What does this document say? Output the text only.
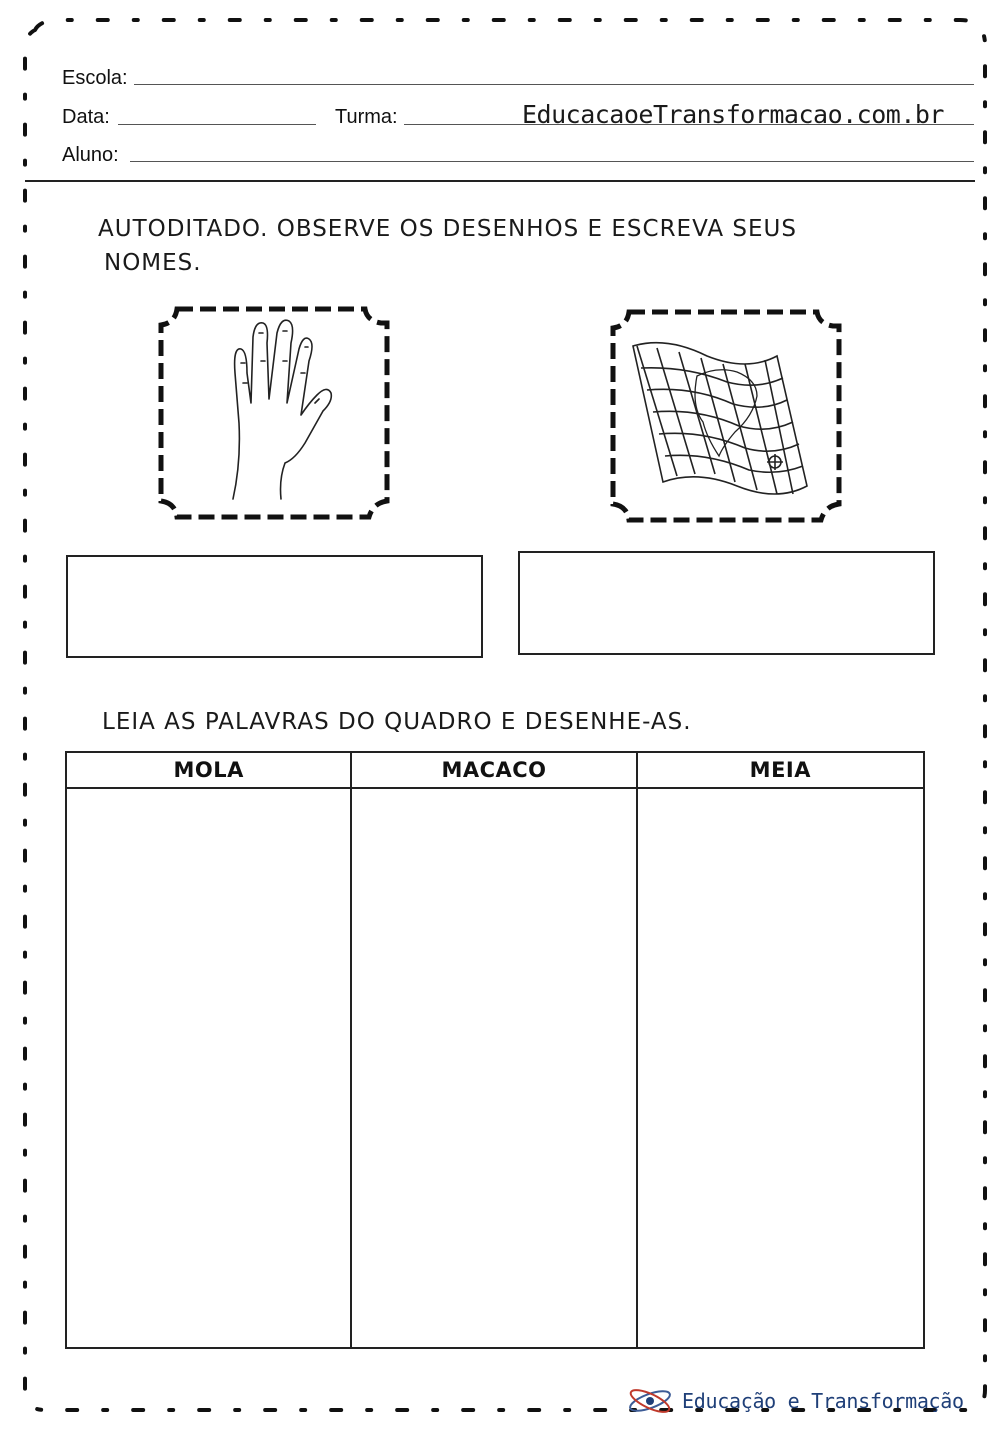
Escola:
Data:	Turma:	EducacaoeTransformacao.com.br
Aluno:
AUTODITADO. OBSERVE OS DESENHOS E ESCREVA SEUS
NOMES.
LEIA AS PALAVRAS DO QUADRO E DESENHE-AS.
MOLA	MACACO	MEIA
Educação e Transformação
